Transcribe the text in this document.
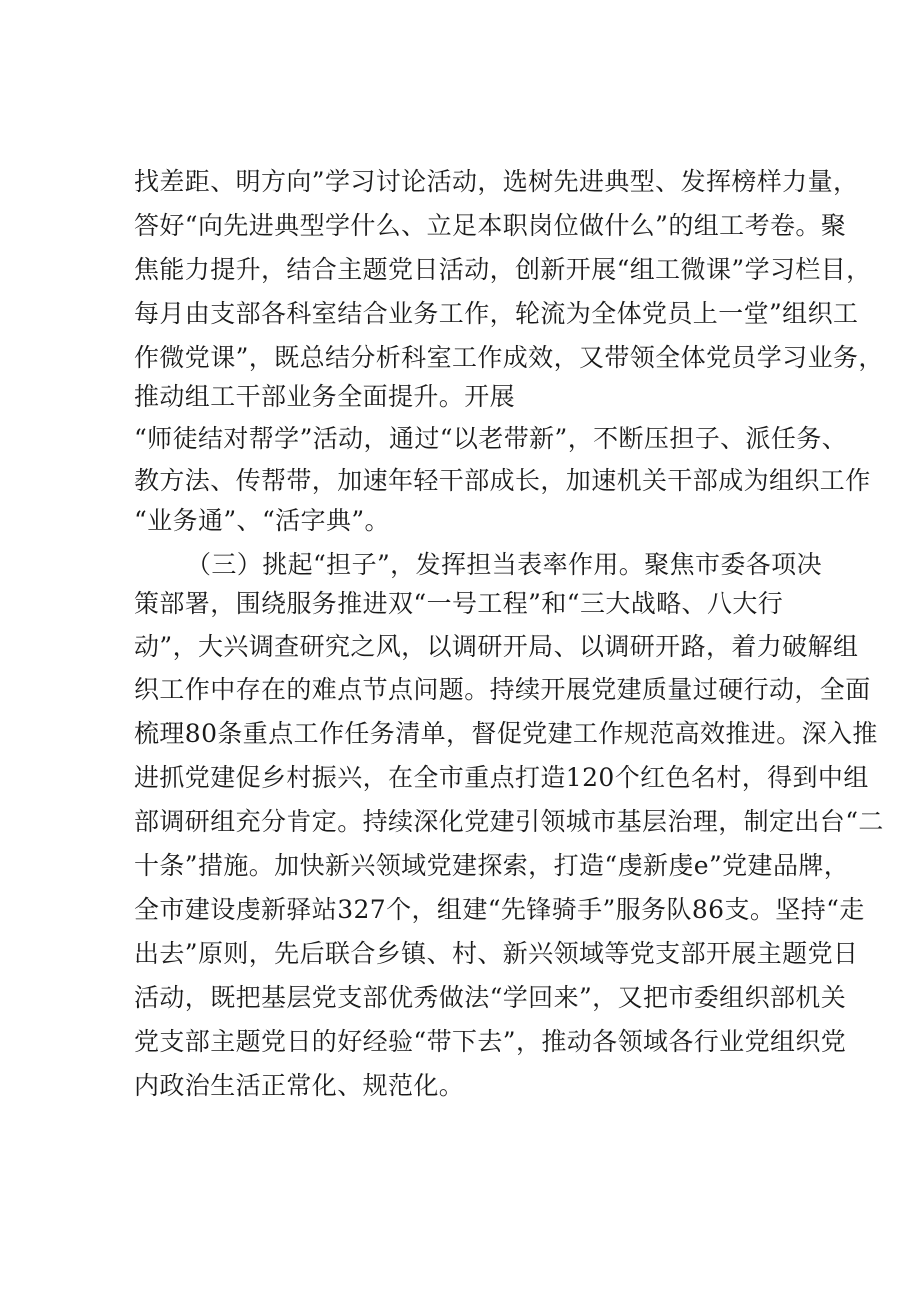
找差距、明方向”学习讨论活动，选树先进典型、发挥榜样力量，
答好“向先进典型学什么、立足本职岗位做什么”的组工考卷。聚
焦能力提升，结合主题党日活动，创新开展“组工微课”学习栏目，
每月由支部各科室结合业务工作，轮流为全体党员上一堂”组织工
作微党课”，既总结分析科室工作成效，又带领全体党员学习业务，
推动组工干部业务全面提升。开展
“师徒结对帮学”活动，通过“以老带新”，不断压担子、派任务、
教方法、传帮带，加速年轻干部成长，加速机关干部成为组织工作
“业务通”、“活字典”。
（三）挑起“担子”，发挥担当表率作用。聚焦市委各项决
策部署，围绕服务推进双“一号工程”和“三大战略、八大行
动”，大兴调查研究之风，以调研开局、以调研开路，着力破解组
织工作中存在的难点节点问题。持续开展党建质量过硬行动，全面
梳理80条重点工作任务清单，督促党建工作规范高效推进。深入推
进抓党建促乡村振兴，在全市重点打造120个红色名村，得到中组
部调研组充分肯定。持续深化党建引领城市基层治理，制定出台“二
十条”措施。加快新兴领域党建探索，打造“虔新虔e”党建品牌，
全市建设虔新驿站327个，组建“先锋骑手”服务队86支。坚持“走
出去”原则，先后联合乡镇、村、新兴领域等党支部开展主题党日
活动，既把基层党支部优秀做法“学回来”，又把市委组织部机关
党支部主题党日的好经验“带下去”，推动各领域各行业党组织党
内政治生活正常化、规范化。
